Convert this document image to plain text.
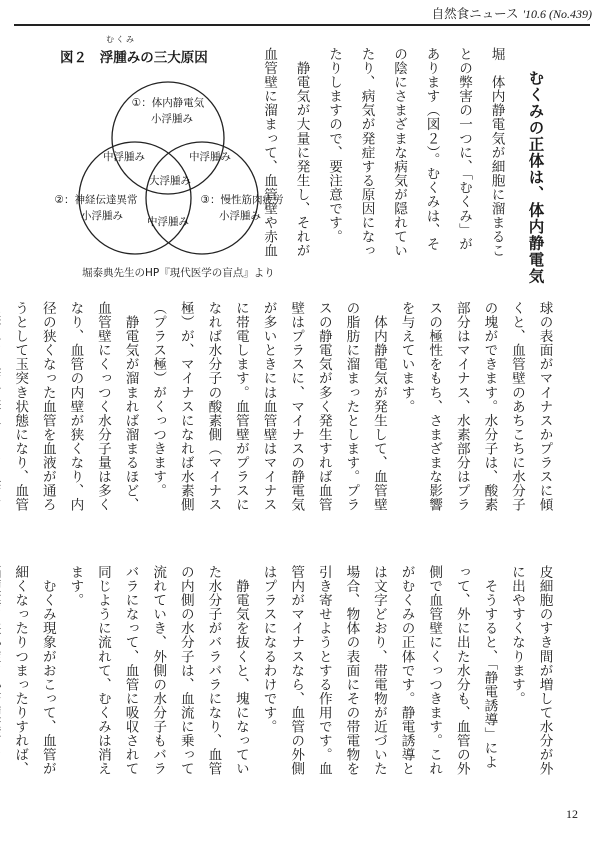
自然食ニュース '10.6 (No.439)
図２ 浮腫みの三大原因
むくみ
①：体内静電気
小浮腫み
中浮腫み	中浮腫み
大浮腫み
②：神経伝達異常
小浮腫み
③：慢性筋肉疲労
小浮腫み
中浮腫み
堀泰典先生のHP『現代医学の盲点』より	むくみの正体は、体内静電気
堀　体内静電気が細胞に溜まるこ
との弊害の一つに、「むくみ」が
あります（図２）。むくみは、そ
の陰にさまざまな病気が隠れてい
たり、病気が発症する原因になっ
たりしますので、要注意です。
　静電気が大量に発生し、それが
血管壁に溜まって、血管壁や赤血
球の表面がマイナスかプラスに傾
くと、血管壁のあちこちに水分子
の塊ができます。水分子は、酸素
部分はマイナス、水素部分はプラ
スの極性をもち、さまざまな影響
を与えています。
　体内静電気が発生して、血管壁
の脂肪に溜まったとします。プラ
スの静電気が多く発生すれば血管
壁はプラスに、マイナスの静電気
が多いときには血管壁はマイナス
に帯電します。血管壁がプラスに
なれば水分子の酸素側（マイナス
極）が、マイナスになれば水素側
（プラス極）がくっつきます。
　静電気が溜まれば溜まるほど、
血管壁にくっつく水分子量は多く
なり、血管の内壁が狭くなり、内
径の狭くなった血管を血液が通ろ
うとして玉突き状態になり、血管
皮細胞のすき間が増して水分が外
に出やすくなります。
　そうすると、「静電誘導」によ
って、外に出た水分も、血管の外
側で血管壁にくっつきます。これ
がむくみの正体です。静電誘導と
は文字どおり、帯電物が近づいた
場合、物体の表面にその帯電物を
引き寄せようとする作用です。血
管内がマイナスなら、血管の外側
はプラスになるわけです。
　静電気を抜くと、塊になってい
た水分子がバラバラになり、血管
の内側の水分子は、血流に乗って
流れていき、外側の水分子もバラ
バラになって、血管に吸収されて
同じように流れて、むくみは消え
ます。
　むくみ現象がおこって、血管が
細くなったりつまったりすれば、
12
